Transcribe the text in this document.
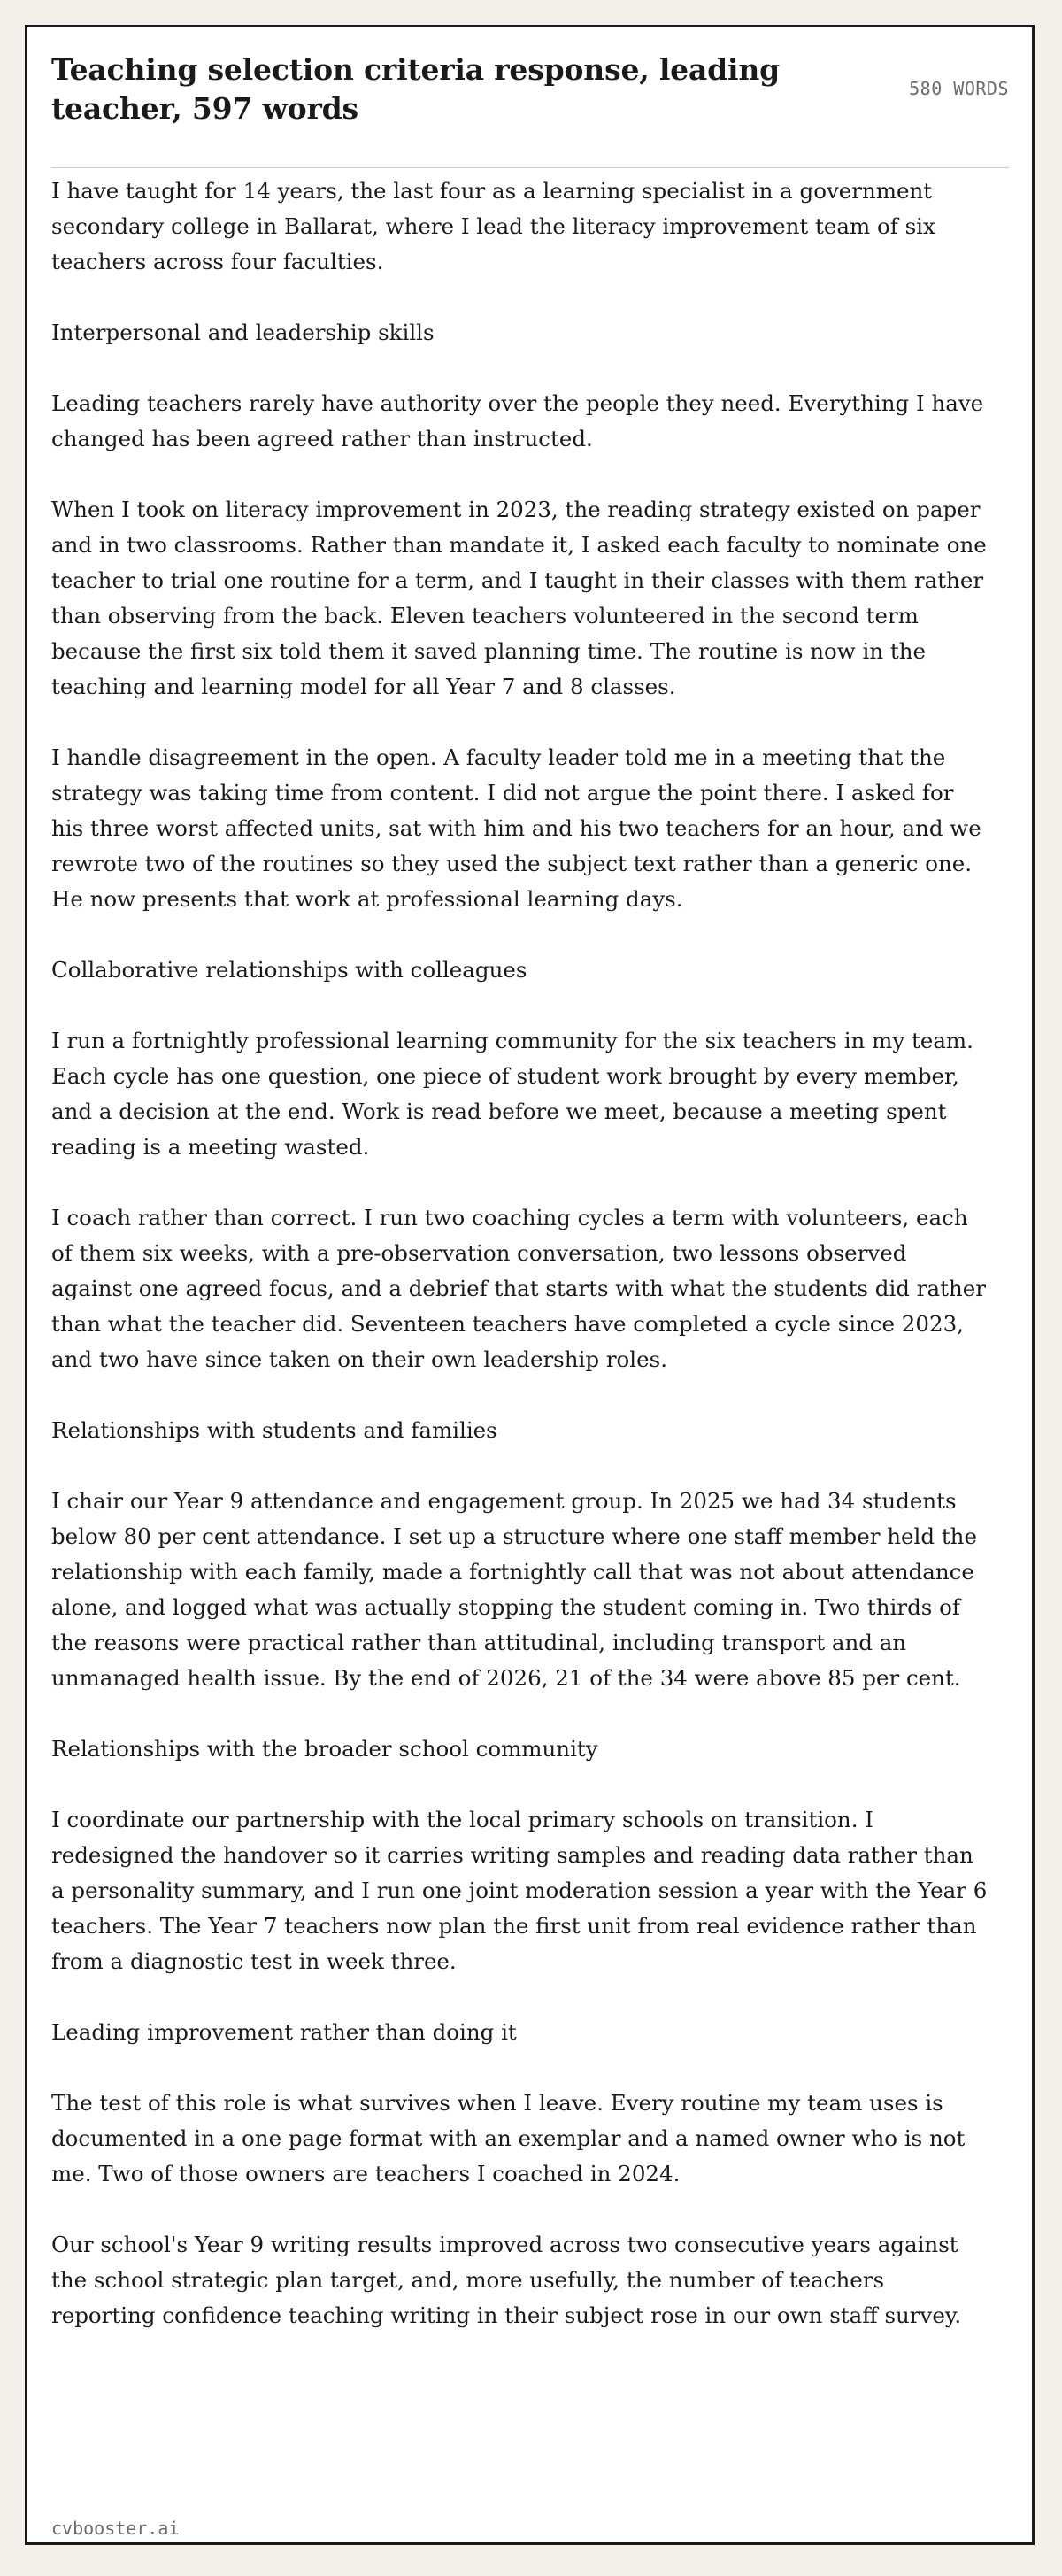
Teaching selection criteria response, leading teacher, 597 words
580 WORDS

I have taught for 14 years, the last four as a learning specialist in a government secondary college in Ballarat, where I lead the literacy improvement team of six teachers across four faculties.

Interpersonal and leadership skills

Leading teachers rarely have authority over the people they need. Everything I have changed has been agreed rather than instructed.

When I took on literacy improvement in 2023, the reading strategy existed on paper and in two classrooms. Rather than mandate it, I asked each faculty to nominate one teacher to trial one routine for a term, and I taught in their classes with them rather than observing from the back. Eleven teachers volunteered in the second term because the first six told them it saved planning time. The routine is now in the teaching and learning model for all Year 7 and 8 classes.

I handle disagreement in the open. A faculty leader told me in a meeting that the strategy was taking time from content. I did not argue the point there. I asked for his three worst affected units, sat with him and his two teachers for an hour, and we rewrote two of the routines so they used the subject text rather than a generic one. He now presents that work at professional learning days.

Collaborative relationships with colleagues

I run a fortnightly professional learning community for the six teachers in my team. Each cycle has one question, one piece of student work brought by every member, and a decision at the end. Work is read before we meet, because a meeting spent reading is a meeting wasted.

I coach rather than correct. I run two coaching cycles a term with volunteers, each of them six weeks, with a pre-observation conversation, two lessons observed against one agreed focus, and a debrief that starts with what the students did rather than what the teacher did. Seventeen teachers have completed a cycle since 2023, and two have since taken on their own leadership roles.

Relationships with students and families

I chair our Year 9 attendance and engagement group. In 2025 we had 34 students below 80 per cent attendance. I set up a structure where one staff member held the relationship with each family, made a fortnightly call that was not about attendance alone, and logged what was actually stopping the student coming in. Two thirds of the reasons were practical rather than attitudinal, including transport and an unmanaged health issue. By the end of 2026, 21 of the 34 were above 85 per cent.

Relationships with the broader school community

I coordinate our partnership with the local primary schools on transition. I redesigned the handover so it carries writing samples and reading data rather than a personality summary, and I run one joint moderation session a year with the Year 6 teachers. The Year 7 teachers now plan the first unit from real evidence rather than from a diagnostic test in week three.

Leading improvement rather than doing it

The test of this role is what survives when I leave. Every routine my team uses is documented in a one page format with an exemplar and a named owner who is not me. Two of those owners are teachers I coached in 2024.

Our school's Year 9 writing results improved across two consecutive years against the school strategic plan target, and, more usefully, the number of teachers reporting confidence teaching writing in their subject rose in our own staff survey.

cvbooster.ai
